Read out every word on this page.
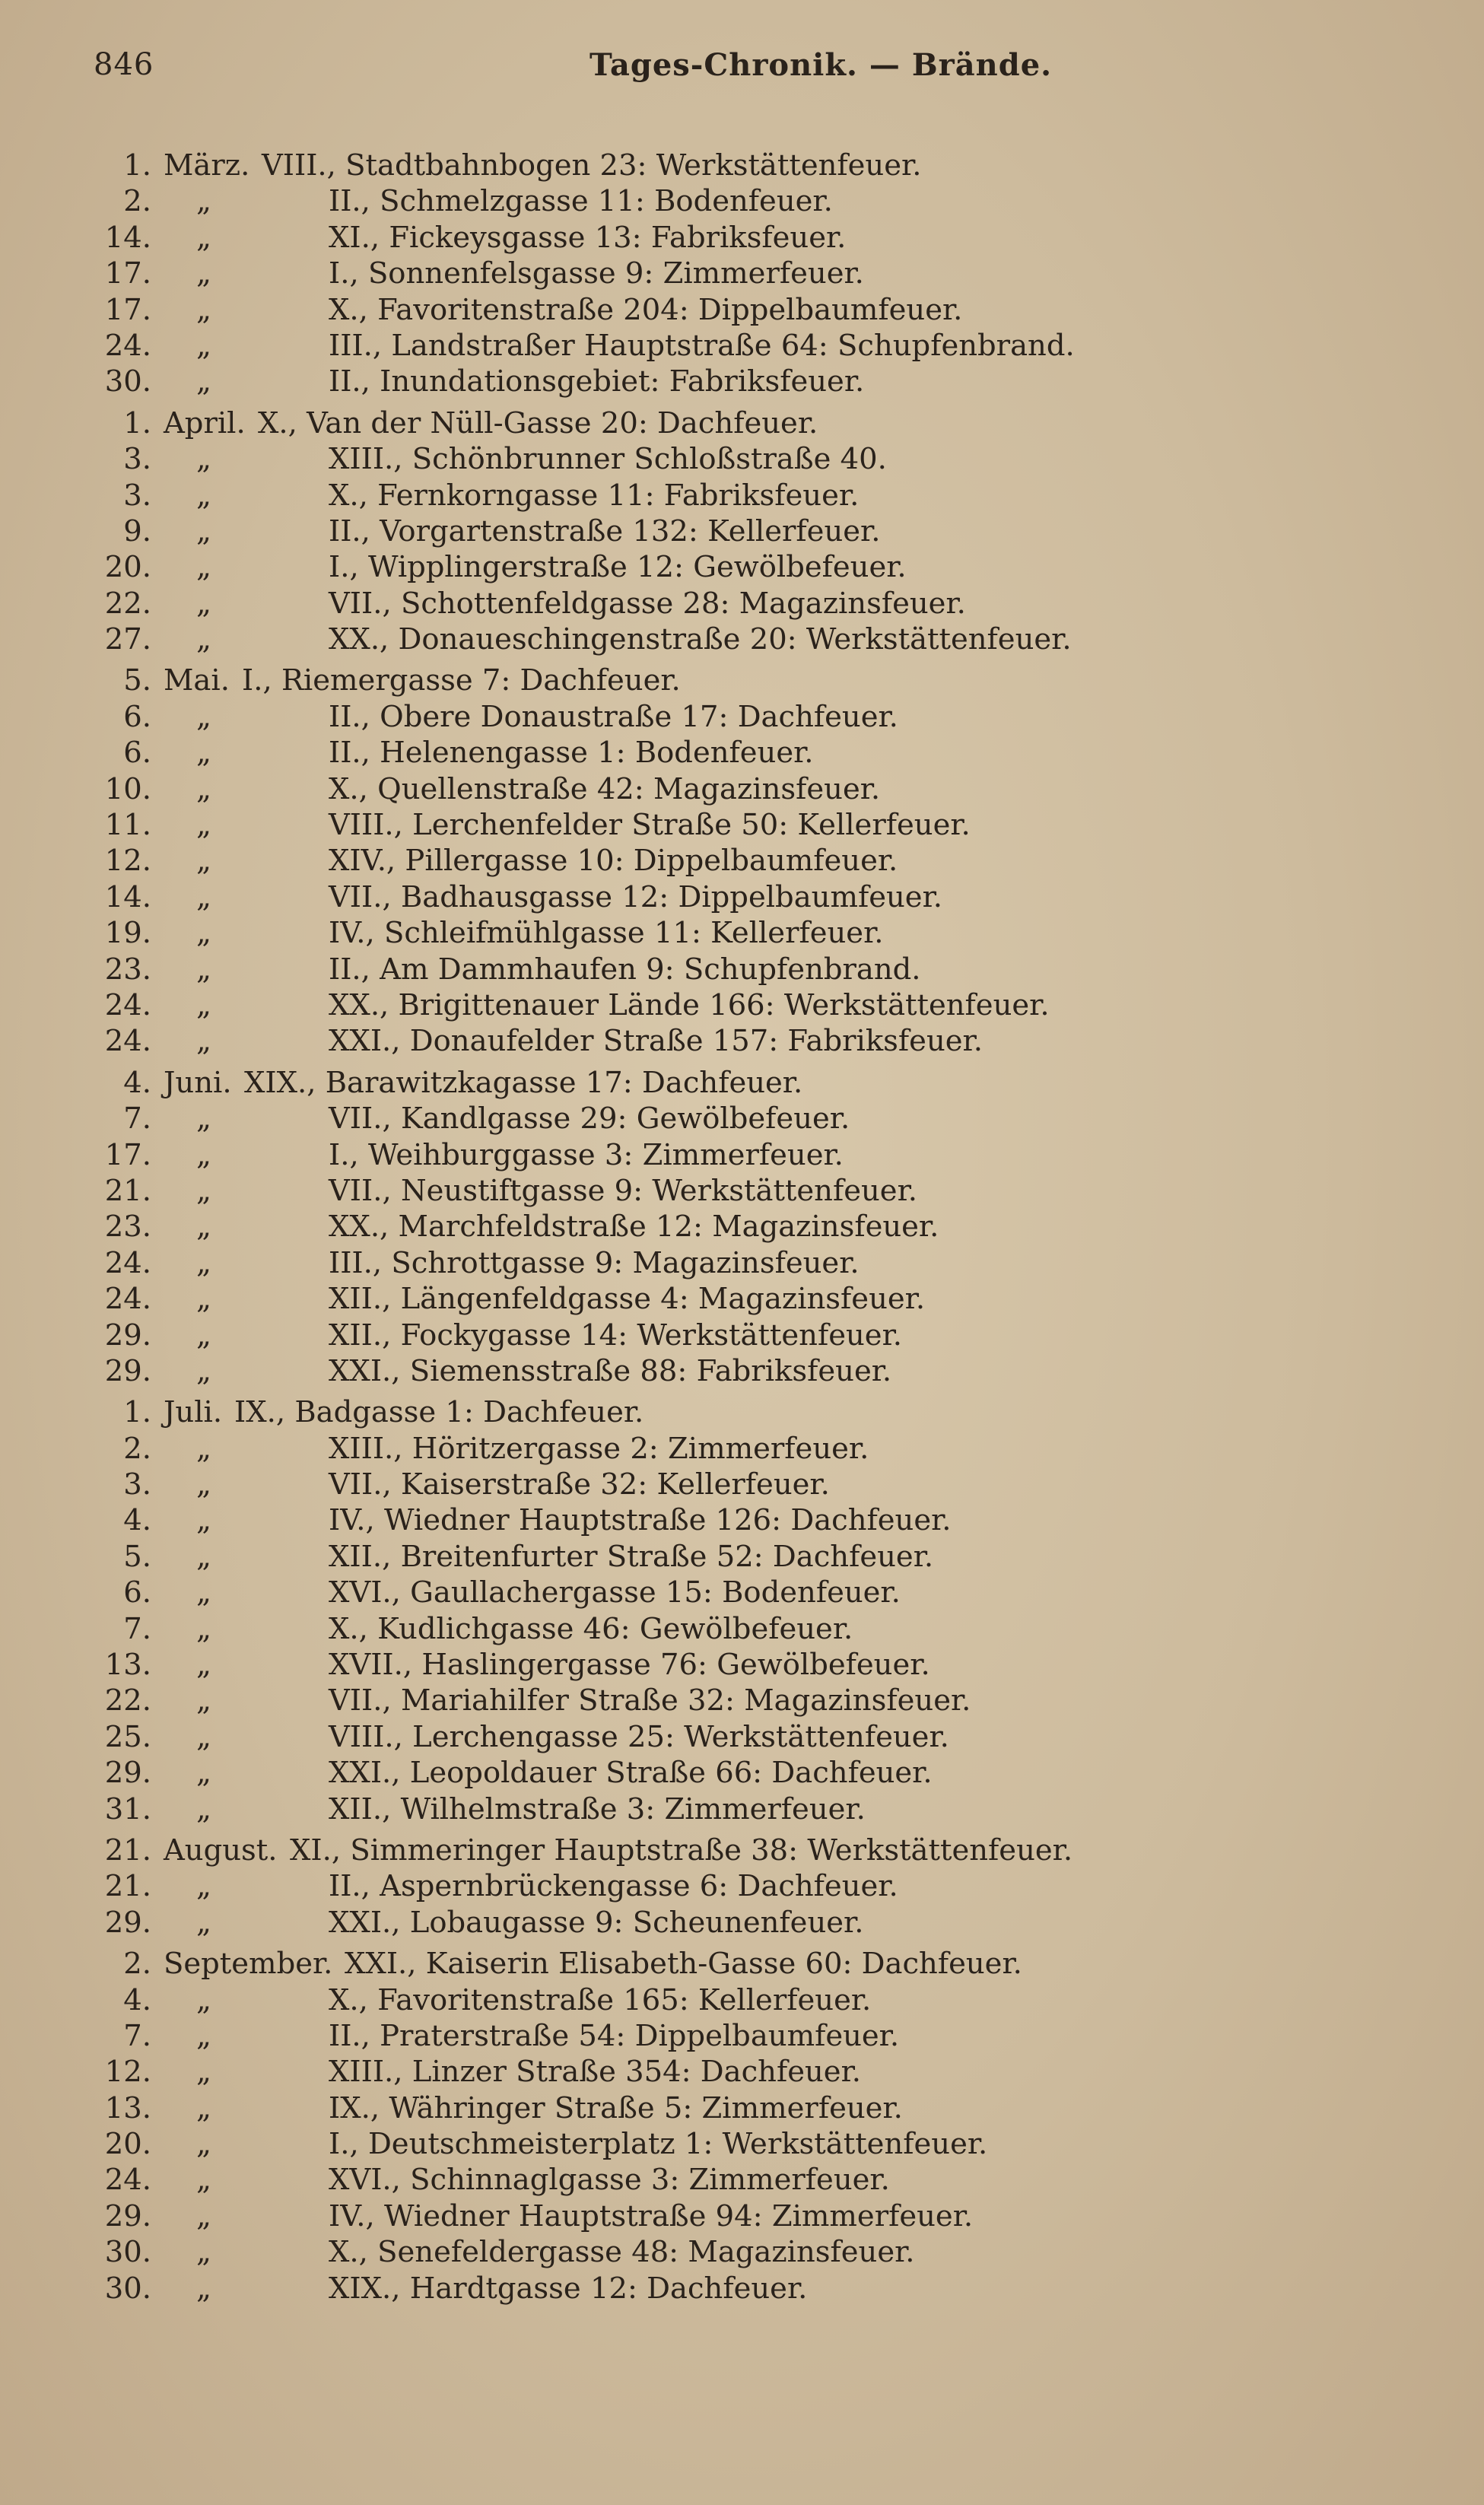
846	Tages-Chronik. — Brände.
1. März. VIII., Stadtbahnbogen 23: Werkstättenfeuer.
2. „	II., Schmelzgasse 11: Bodenfeuer.
14. „	XI., Fickeysgasse 13: Fabriksfeuer.
17. „	I., Sonnenfelsgasse 9: Zimmerfeuer.
17. „	X., Favoritenstraße 204: Dippelbaumfeuer.
24. „	III., Landstraßer Hauptstraße 64: Schupfenbrand.
30. „	II., Inundationsgebiet: Fabriksfeuer.
1. April. X., Van der Nüll-Gasse 20: Dachfeuer.
3. „	XIII., Schönbrunner Schloßstraße 40.
3. „	X., Fernkorngasse 11: Fabriksfeuer.
9. „	II., Vorgartenstraße 132: Kellerfeuer.
20. „	I., Wipplingerstraße 12: Gewölbefeuer.
22. „	VII., Schottenfeldgasse 28: Magazinsfeuer.
27. „	XX., Donaueschingenstraße 20: Werkstättenfeuer.
5. Mai. I., Riemergasse 7: Dachfeuer.
6. „	II., Obere Donaustraße 17: Dachfeuer.
6. „	II., Helenengasse 1: Bodenfeuer.
10. „	X., Quellenstraße 42: Magazinsfeuer.
11. „	VIII., Lerchenfelder Straße 50: Kellerfeuer.
12. „	XIV., Pillergasse 10: Dippelbaumfeuer.
14. „	VII., Badhausgasse 12: Dippelbaumfeuer.
19. „	IV., Schleifmühlgasse 11: Kellerfeuer.
23. „	II., Am Dammhaufen 9: Schupfenbrand.
24. „	XX., Brigittenauer Lände 166: Werkstättenfeuer.
24. „	XXI., Donaufelder Straße 157: Fabriksfeuer.
4. Juni. XIX., Barawitzkagasse 17: Dachfeuer.
7. „	VII., Kandlgasse 29: Gewölbefeuer.
17. „	I., Weihburggasse 3: Zimmerfeuer.
21. „	VII., Neustiftgasse 9: Werkstättenfeuer.
23. „	XX., Marchfeldstraße 12: Magazinsfeuer.
24. „	III., Schrottgasse 9: Magazinsfeuer.
24. „	XII., Längenfeldgasse 4: Magazinsfeuer.
29. „	XII., Fockygasse 14: Werkstättenfeuer.
29. „	XXI., Siemensstraße 88: Fabriksfeuer.
1. Juli. IX., Badgasse 1: Dachfeuer.
2. „	XIII., Höritzergasse 2: Zimmerfeuer.
3. „	VII., Kaiserstraße 32: Kellerfeuer.
4. „	IV., Wiedner Hauptstraße 126: Dachfeuer.
5. „	XII., Breitenfurter Straße 52: Dachfeuer.
6. „	XVI., Gaullachergasse 15: Bodenfeuer.
7. „	X., Kudlichgasse 46: Gewölbefeuer.
13. „	XVII., Haslingergasse 76: Gewölbefeuer.
22. „	VII., Mariahilfer Straße 32: Magazinsfeuer.
25. „	VIII., Lerchengasse 25: Werkstättenfeuer.
29. „	XXI., Leopoldauer Straße 66: Dachfeuer.
31. „	XII., Wilhelmstraße 3: Zimmerfeuer.
21. August. XI., Simmeringer Hauptstraße 38: Werkstättenfeuer.
21. „	II., Aspernbrückengasse 6: Dachfeuer.
29. „	XXI., Lobaugasse 9: Scheunenfeuer.
2. September. XXI., Kaiserin Elisabeth-Gasse 60: Dachfeuer.
4. „	X., Favoritenstraße 165: Kellerfeuer.
7. „	II., Praterstraße 54: Dippelbaumfeuer.
12. „	XIII., Linzer Straße 354: Dachfeuer.
13. „	IX., Währinger Straße 5: Zimmerfeuer.
20. „	I., Deutschmeisterplatz 1: Werkstättenfeuer.
24. „	XVI., Schinnaglgasse 3: Zimmerfeuer.
29. „	IV., Wiedner Hauptstraße 94: Zimmerfeuer.
30. „	X., Senefeldergasse 48: Magazinsfeuer.
30. „	XIX., Hardtgasse 12: Dachfeuer.
